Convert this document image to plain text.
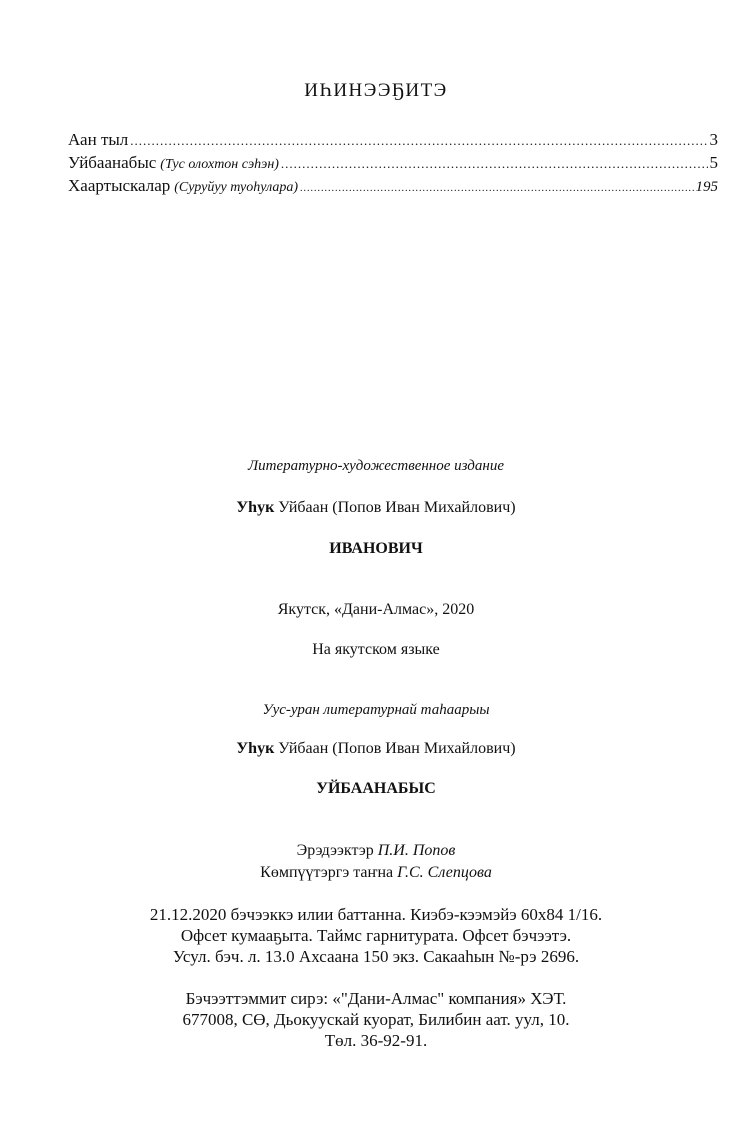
ИҺИНЭЭҔИТЭ
Аан тыл .....	3
Уйбаанабыс (Тус олохтон сэһэн) .....	5
Хаартыскалар (Суруйуу туоһулара) .....	195
Литературно-художественное издание
Уһук Уйбаан (Попов Иван Михайлович)
ИВАНОВИЧ
Якутск, «Дани-Алмас», 2020
На якутском языке
Уус-уран литературнай таһаарыы
Уһук Уйбаан (Попов Иван Михайлович)
УЙБААНАБЫС
Эрэдээктэр П.И. Попов
Көмпүүтэргэ таҥна Г.С. Слепцова
21.12.2020 бэчээккэ илии баттанна. Киэбэ-кээмэйэ 60х84 1/16.
Офсет кумааҕыта. Таймс гарнитурата. Офсет бэчээтэ.
Усул. бэч. л. 13.0 Ахсаана 150 экз. Сакааһын №-рэ 2696.
Бэчээттэммит сирэ: «"Дани-Алмас" компания» ХЭТ.
677008, СӨ, Дьокуускай куорат, Билибин аат. уул, 10.
Төл. 36-92-91.
